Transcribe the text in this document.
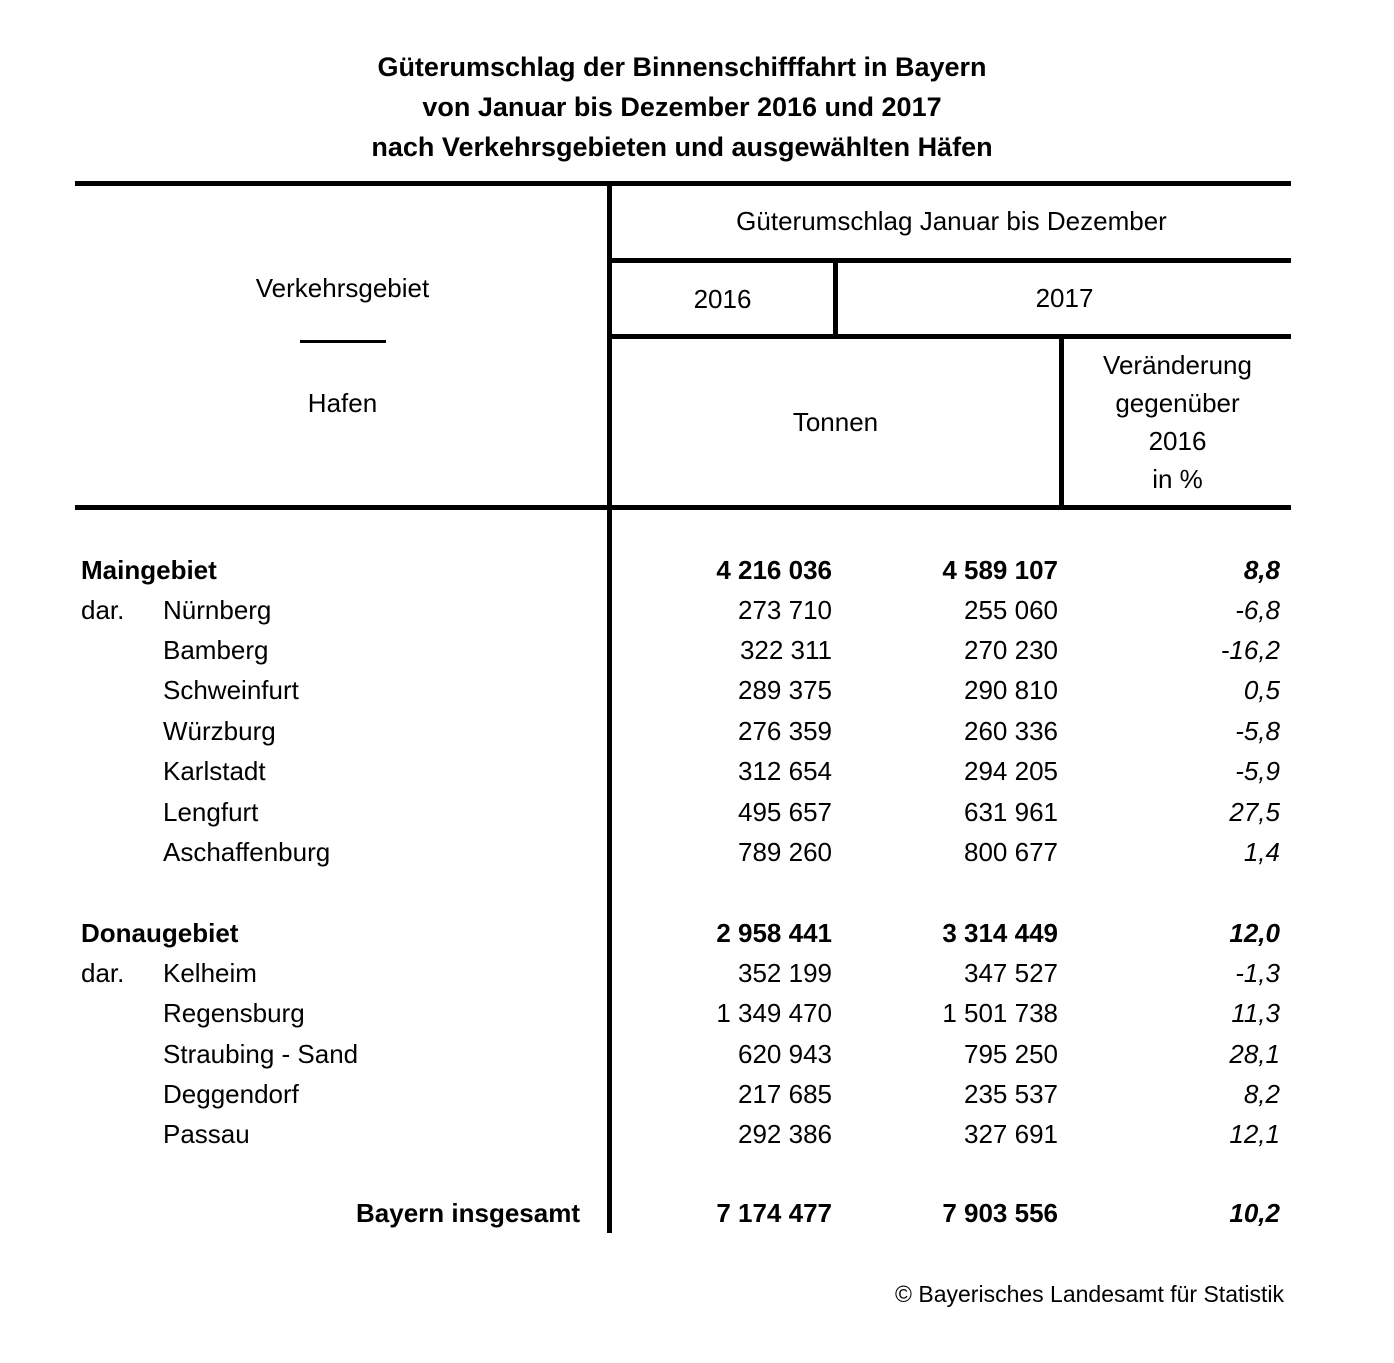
Güterumschlag der Binnenschifffahrt in Bayern
von Januar bis Dezember 2016 und 2017
nach Verkehrsgebieten und ausgewählten Häfen
Verkehrsgebiet
Hafen
Güterumschlag Januar bis Dezember
2016	2017
Tonnen
Veränderung
gegenüber
2016
in %
Maingebiet	4 216 036	4 589 107	8,8
dar. Nürnberg	273 710	255 060	-6,8
Bamberg	322 311	270 230	-16,2
Schweinfurt	289 375	290 810	0,5
Würzburg	276 359	260 336	-5,8
Karlstadt	312 654	294 205	-5,9
Lengfurt	495 657	631 961	27,5
Aschaffenburg	789 260	800 677	1,4
Donaugebiet	2 958 441	3 314 449	12,0
dar. Kelheim	352 199	347 527	-1,3
Regensburg	1 349 470	1 501 738	11,3
Straubing - Sand	620 943	795 250	28,1
Deggendorf	217 685	235 537	8,2
Passau	292 386	327 691	12,1
Bayern insgesamt	7 174 477	7 903 556	10,2
© Bayerisches Landesamt für Statistik
